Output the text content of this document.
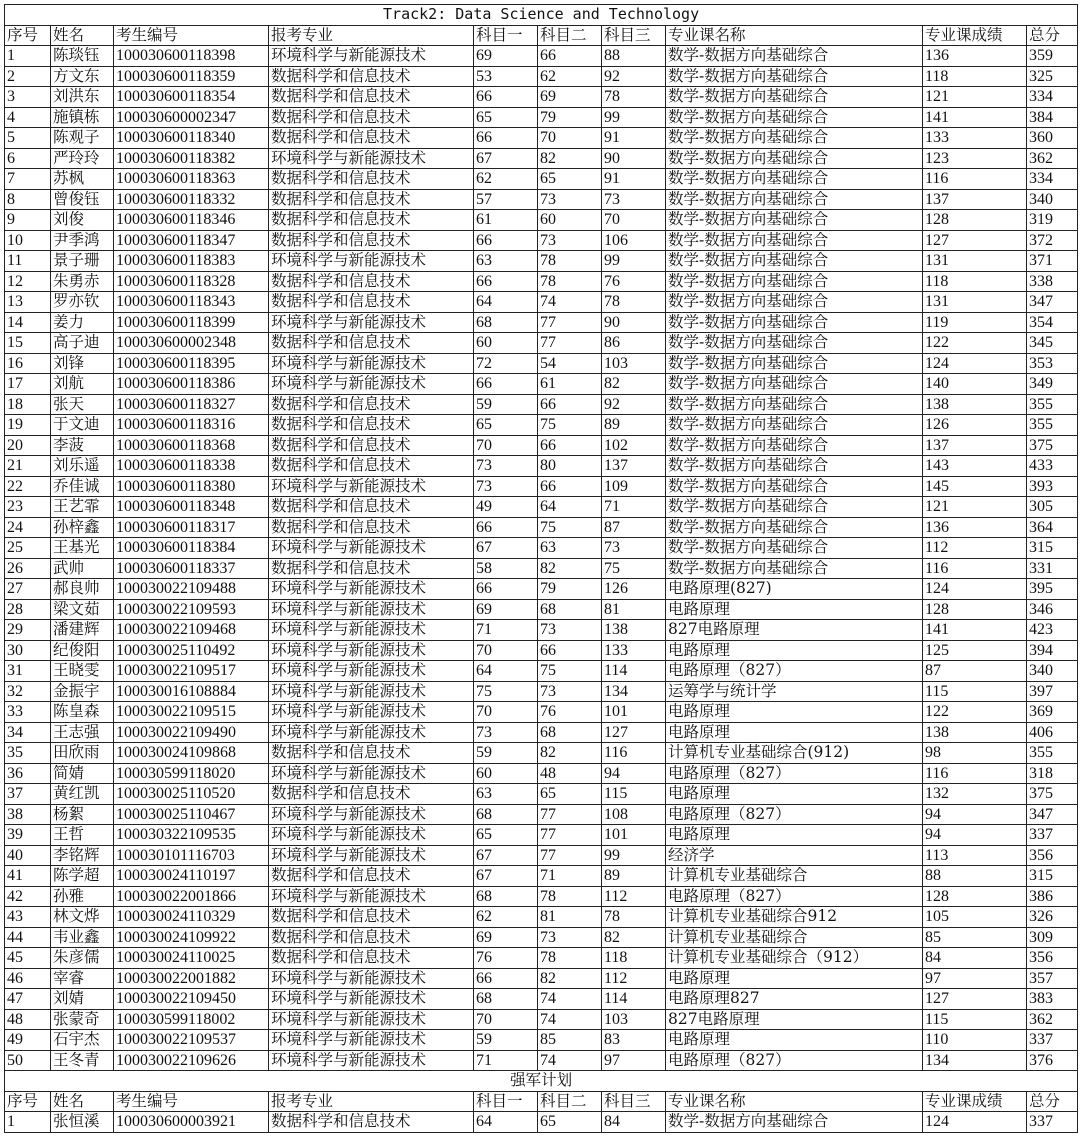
Track2: Data Science and Technology									
序号	姓名	考生编号	报考专业	科目一	科目二	科目三	专业课名称	专业课成绩	总分
1	陈琰钰	100030600118398	环境科学与新能源技术	69	66	88	数学-数据方向基础综合	136	359
2	方文东	100030600118359	数据科学和信息技术	53	62	92	数学-数据方向基础综合	118	325
3	刘洪东	100030600118354	数据科学和信息技术	66	69	78	数学-数据方向基础综合	121	334
4	施镇栋	100030600002347	数据科学和信息技术	65	79	99	数学-数据方向基础综合	141	384
5	陈观子	100030600118340	数据科学和信息技术	66	70	91	数学-数据方向基础综合	133	360
6	严玲玲	100030600118382	环境科学与新能源技术	67	82	90	数学-数据方向基础综合	123	362
7	苏枫	100030600118363	数据科学和信息技术	62	65	91	数学-数据方向基础综合	116	334
8	曾俊钰	100030600118332	数据科学和信息技术	57	73	73	数学-数据方向基础综合	137	340
9	刘俊	100030600118346	数据科学和信息技术	61	60	70	数学-数据方向基础综合	128	319
10	尹季鸿	100030600118347	数据科学和信息技术	66	73	106	数学-数据方向基础综合	127	372
11	景子珊	100030600118383	环境科学与新能源技术	63	78	99	数学-数据方向基础综合	131	371
12	朱勇赤	100030600118328	数据科学和信息技术	66	78	76	数学-数据方向基础综合	118	338
13	罗亦钦	100030600118343	数据科学和信息技术	64	74	78	数学-数据方向基础综合	131	347
14	姜力	100030600118399	环境科学与新能源技术	68	77	90	数学-数据方向基础综合	119	354
15	高子迪	100030600002348	数据科学和信息技术	60	77	86	数学-数据方向基础综合	122	345
16	刘锋	100030600118395	环境科学与新能源技术	72	54	103	数学-数据方向基础综合	124	353
17	刘航	100030600118386	环境科学与新能源技术	66	61	82	数学-数据方向基础综合	140	349
18	张天	100030600118327	数据科学和信息技术	59	66	92	数学-数据方向基础综合	138	355
19	于文迪	100030600118316	数据科学和信息技术	65	75	89	数学-数据方向基础综合	126	355
20	李菠	100030600118368	数据科学和信息技术	70	66	102	数学-数据方向基础综合	137	375
21	刘乐遥	100030600118338	数据科学和信息技术	73	80	137	数学-数据方向基础综合	143	433
22	乔佳诚	100030600118380	环境科学与新能源技术	73	66	109	数学-数据方向基础综合	145	393
23	王艺霏	100030600118348	数据科学和信息技术	49	64	71	数学-数据方向基础综合	121	305
24	孙梓鑫	100030600118317	数据科学和信息技术	66	75	87	数学-数据方向基础综合	136	364
25	王基光	100030600118384	环境科学与新能源技术	67	63	73	数学-数据方向基础综合	112	315
26	武帅	100030600118337	数据科学和信息技术	58	82	75	数学-数据方向基础综合	116	331
27	郝良帅	100030022109488	环境科学与新能源技术	66	79	126	电路原理(827)	124	395
28	梁文茹	100030022109593	环境科学与新能源技术	69	68	81	电路原理	128	346
29	潘建辉	100030022109468	环境科学与新能源技术	71	73	138	827电路原理	141	423
30	纪俊阳	100030025110492	环境科学与新能源技术	70	66	133	电路原理	125	394
31	王晓雯	100030022109517	环境科学与新能源技术	64	75	114	电路原理（827）	87	340
32	金振宇	100030016108884	环境科学与新能源技术	75	73	134	运筹学与统计学	115	397
33	陈皇森	100030022109515	环境科学与新能源技术	70	76	101	电路原理	122	369
34	王志强	100030022109490	环境科学与新能源技术	73	68	127	电路原理	138	406
35	田欣雨	100030024109868	数据科学和信息技术	59	82	116	计算机专业基础综合(912)	98	355
36	简婧	100030599118020	环境科学与新能源技术	60	48	94	电路原理（827）	116	318
37	黄红凯	100030025110520	数据科学和信息技术	63	65	115	电路原理	132	375
38	杨絮	100030025110467	环境科学与新能源技术	68	77	108	电路原理（827）	94	347
39	王哲	100030322109535	环境科学与新能源技术	65	77	101	电路原理	94	337
40	李铭辉	100030101116703	环境科学与新能源技术	67	77	99	经济学	113	356
41	陈学超	100030024110197	数据科学和信息技术	67	71	89	计算机专业基础综合	88	315
42	孙雅	100030022001866	环境科学与新能源技术	68	78	112	电路原理（827）	128	386
43	林文烨	100030024110329	数据科学和信息技术	62	81	78	计算机专业基础综合912	105	326
44	韦业鑫	100030024109922	数据科学和信息技术	69	73	82	计算机专业基础综合	85	309
45	朱彦儒	100030024110025	数据科学和信息技术	76	78	118	计算机专业基础综合（912）	84	356
46	宰睿	100030022001882	环境科学与新能源技术	66	82	112	电路原理	97	357
47	刘婧	100030022109450	环境科学与新能源技术	68	74	114	电路原理827	127	383
48	张蒙奇	100030599118002	环境科学与新能源技术	70	74	103	827电路原理	115	362
49	石宇杰	100030022109537	环境科学与新能源技术	59	85	83	电路原理	110	337
50	王冬青	100030022109626	环境科学与新能源技术	71	74	97	电路原理（827）	134	376
强军计划									
序号	姓名	考生编号	报考专业	科目一	科目二	科目三	专业课名称	专业课成绩	总分
1	张恒溪	100030600003921	数据科学和信息技术	64	65	84	数学-数据方向基础综合	124	337
